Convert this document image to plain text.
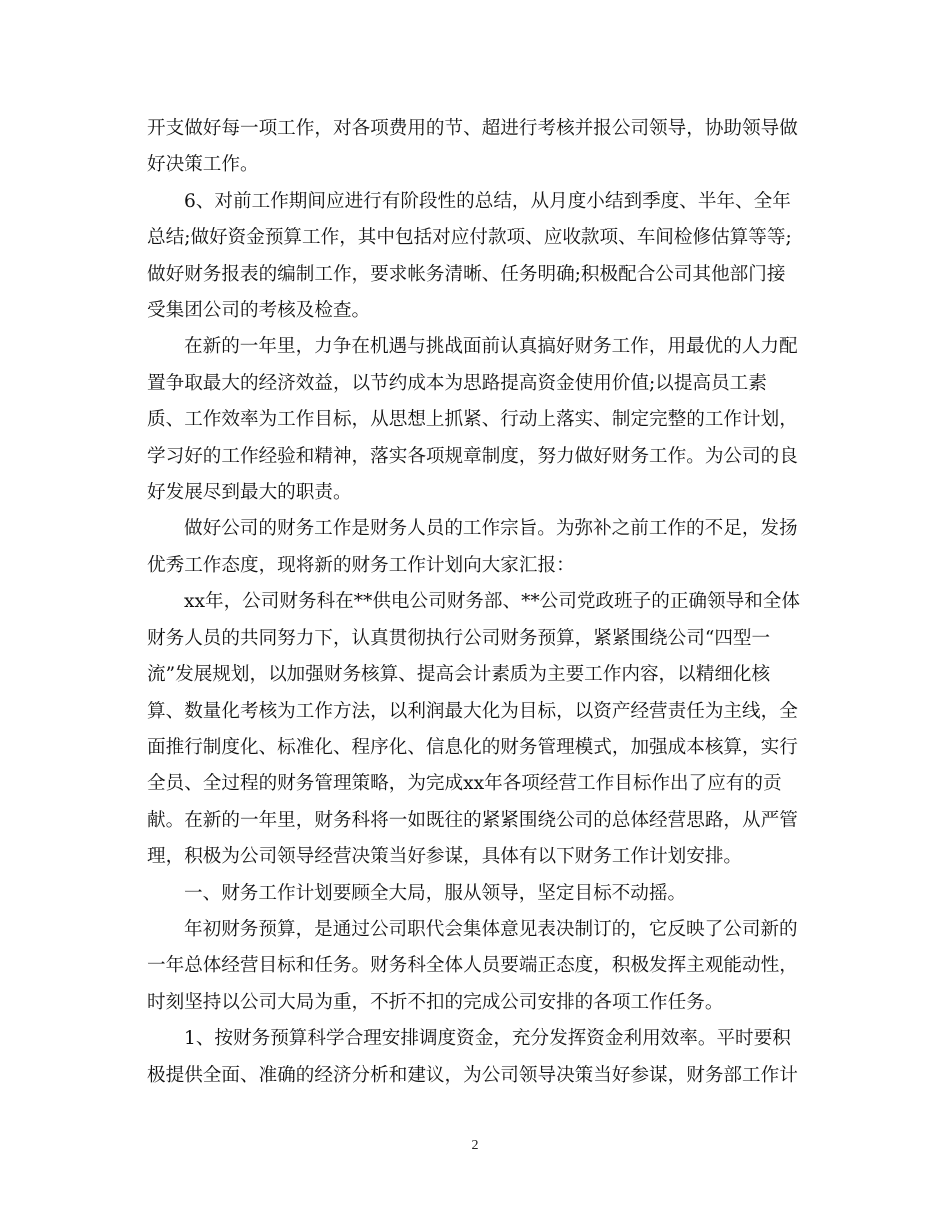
开支做好每一项工作，对各项费用的节、超进行考核并报公司领导，协助领导做
好决策工作。

6、对前工作期间应进行有阶段性的总结，从月度小结到季度、半年、全年
总结;做好资金预算工作，其中包括对应付款项、应收款项、车间检修估算等等;
做好财务报表的编制工作，要求帐务清晰、任务明确;积极配合公司其他部门接
受集团公司的考核及检查。

在新的一年里，力争在机遇与挑战面前认真搞好财务工作，用最优的人力配
置争取最大的经济效益，以节约成本为思路提高资金使用价值;以提高员工素
质、工作效率为工作目标，从思想上抓紧、行动上落实、制定完整的工作计划，
学习好的工作经验和精神，落实各项规章制度，努力做好财务工作。为公司的良
好发展尽到最大的职责。

做好公司的财务工作是财务人员的工作宗旨。为弥补之前工作的不足，发扬
优秀工作态度，现将新的财务工作计划向大家汇报：

xx年，公司财务科在**供电公司财务部、**公司党政班子的正确领导和全体
财务人员的共同努力下，认真贯彻执行公司财务预算，紧紧围绕公司“四型一
流”发展规划，以加强财务核算、提高会计素质为主要工作内容，以精细化核
算、数量化考核为工作方法，以利润最大化为目标，以资产经营责任为主线，全
面推行制度化、标准化、程序化、信息化的财务管理模式，加强成本核算，实行
全员、全过程的财务管理策略，为完成xx年各项经营工作目标作出了应有的贡
献。在新的一年里，财务科将一如既往的紧紧围绕公司的总体经营思路，从严管
理，积极为公司领导经营决策当好参谋，具体有以下财务工作计划安排。

一、财务工作计划要顾全大局，服从领导，坚定目标不动摇。

年初财务预算，是通过公司职代会集体意见表决制订的，它反映了公司新的
一年总体经营目标和任务。财务科全体人员要端正态度，积极发挥主观能动性，
时刻坚持以公司大局为重，不折不扣的完成公司安排的各项工作任务。

1、按财务预算科学合理安排调度资金，充分发挥资金利用效率。平时要积
极提供全面、准确的经济分析和建议，为公司领导决策当好参谋，财务部工作计

2
